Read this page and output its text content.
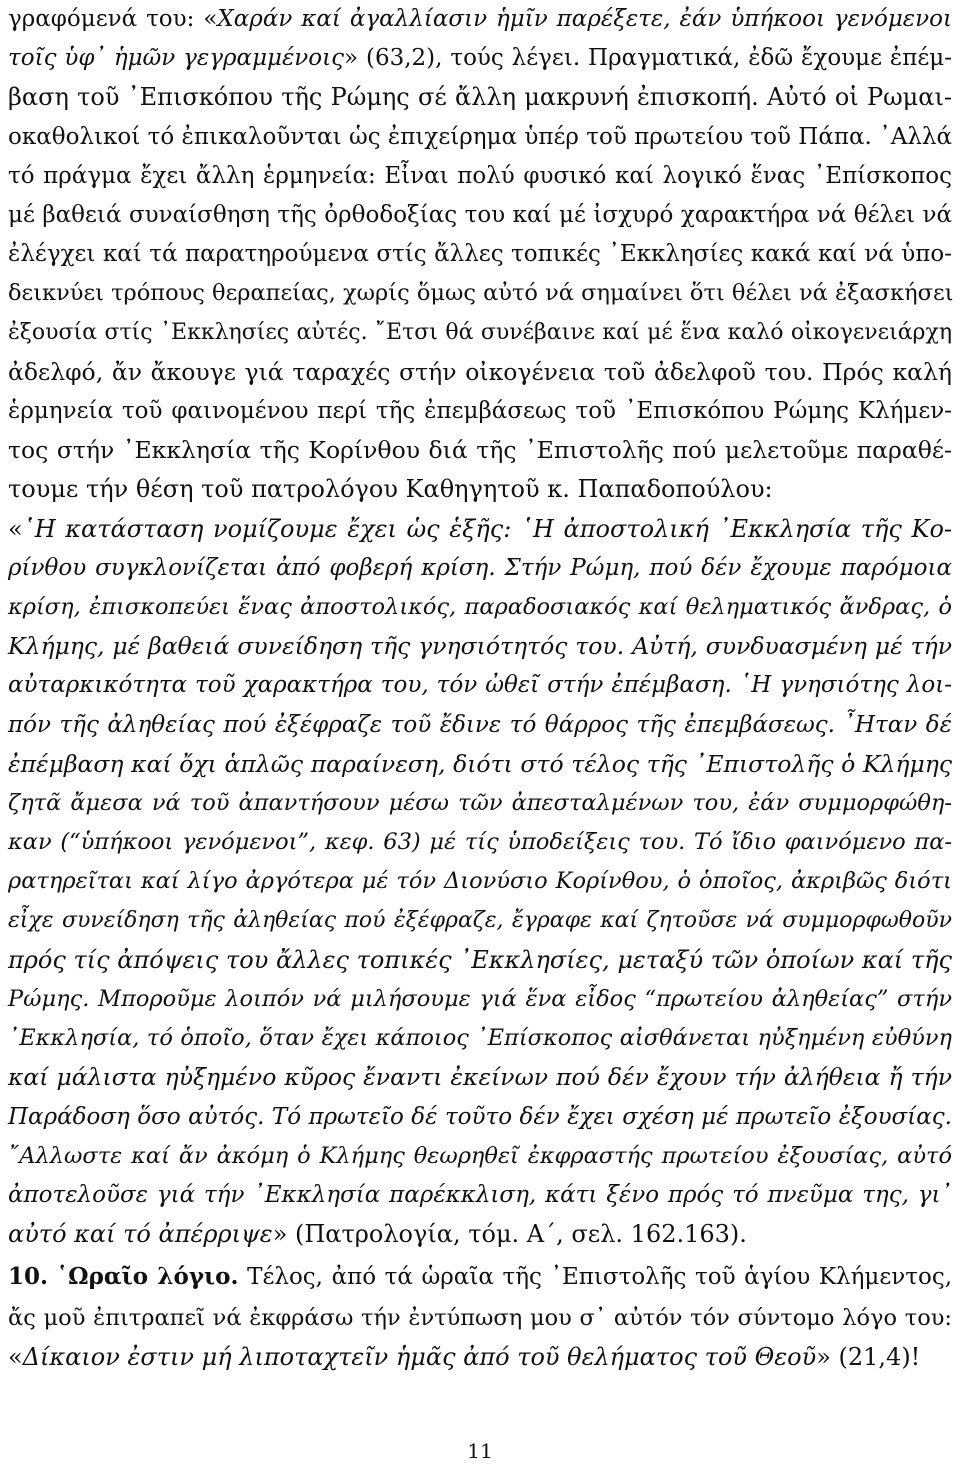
γραφόμενά του: «Χαράν καί ἀγαλλίασιν ἡμῖν παρέξετε, ἐάν ὑπήκοοι γενόμενοι
τοῖς ὑφ᾽ ἡμῶν γεγραμμένοις» (63,2), τούς λέγει. Πραγματικά, ἐδῶ ἔχουμε ἐπέμ-
βαση τοῦ ᾽Επισκόπου τῆς Ρώμης σέ ἄλλη μακρυνή ἐπισκοπή. Αὐτό οἱ Ρωμαι-
οκαθολικοί τό ἐπικαλοῦνται ὡς ἐπιχείρημα ὑπέρ τοῦ πρωτείου τοῦ Πάπα. ᾽Αλλά
τό πράγμα ἔχει ἄλλη ἑρμηνεία: Εἶναι πολύ φυσικό καί λογικό ἕνας ᾽Επίσκοπος
μέ βαθειά συναίσθηση τῆς ὀρθοδοξίας του καί μέ ἰσχυρό χαρακτήρα νά θέλει νά
ἐλέγχει καί τά παρατηρούμενα στίς ἄλλες τοπικές ᾽Εκκλησίες κακά καί νά ὑπο-
δεικνύει τρόπους θεραπείας, χωρίς ὅμως αὐτό νά σημαίνει ὅτι θέλει νά ἐξασκήσει
ἐξουσία στίς ᾽Εκκλησίες αὐτές. ῎Ετσι θά συνέβαινε καί μέ ἕνα καλό οἰκογενειάρχη
ἀδελφό, ἄν ἄκουγε γιά ταραχές στήν οἰκογένεια τοῦ ἀδελφοῦ του. Πρός καλή
ἑρμηνεία τοῦ φαινομένου περί τῆς ἐπεμβάσεως τοῦ ᾽Επισκόπου Ρώμης Κλήμεν-
τος στήν ᾽Εκκλησία τῆς Κορίνθου διά τῆς ᾽Επιστολῆς πού μελετοῦμε παραθέ-
τουμε τήν θέση τοῦ πατρολόγου Καθηγητοῦ κ. Παπαδοπούλου:
«῾Η κατάσταση νομίζουμε ἔχει ὡς ἑξῆς: ῾Η ἀποστολική ᾽Εκκλησία τῆς Κο-
ρίνθου συγκλονίζεται ἀπό φοβερή κρίση. Στήν Ρώμη, πού δέν ἔχουμε παρόμοια
κρίση, ἐπισκοπεύει ἕνας ἀποστολικός, παραδοσιακός καί θεληματικός ἄνδρας, ὁ
Κλήμης, μέ βαθειά συνείδηση τῆς γνησιότητός του. Αὐτή, συνδυασμένη μέ τήν
αὐταρκικότητα τοῦ χαρακτήρα του, τόν ὠθεῖ στήν ἐπέμβαση. ῾Η γνησιότης λοι-
πόν τῆς ἀληθείας πού ἐξέφραζε τοῦ ἔδινε τό θάρρος τῆς ἐπεμβάσεως. ῏Ηταν δέ
ἐπέμβαση καί ὄχι ἁπλῶς παραίνεση, διότι στό τέλος τῆς ᾽Επιστολῆς ὁ Κλήμης
ζητᾶ ἄμεσα νά τοῦ ἀπαντήσουν μέσω τῶν ἀπεσταλμένων του, ἐάν συμμορφώθη-
καν (“ὑπήκοοι γενόμενοι”, κεφ. 63) μέ τίς ὑποδείξεις του. Τό ἴδιο φαινόμενο πα-
ρατηρεῖται καί λίγο ἀργότερα μέ τόν Διονύσιο Κορίνθου, ὁ ὁποῖος, ἀκριβῶς διότι
εἶχε συνείδηση τῆς ἀληθείας πού ἐξέφραζε, ἔγραφε καί ζητοῦσε νά συμμορφωθοῦν
πρός τίς ἀπόψεις του ἄλλες τοπικές ᾽Εκκλησίες, μεταξύ τῶν ὁποίων καί τῆς
Ρώμης. Μποροῦμε λοιπόν νά μιλήσουμε γιά ἕνα εἶδος “πρωτείου ἀληθείας” στήν
᾽Εκκλησία, τό ὁποῖο, ὅταν ἔχει κάποιος ᾽Επίσκοπος αἰσθάνεται ηὐξημένη εὐθύνη
καί μάλιστα ηὐξημένο κῦρος ἔναντι ἐκείνων πού δέν ἔχουν τήν ἀλήθεια ἤ τήν
Παράδοση ὅσο αὐτός. Τό πρωτεῖο δέ τοῦτο δέν ἔχει σχέση μέ πρωτεῖο ἐξουσίας.
῎Αλλωστε καί ἄν ἀκόμη ὁ Κλήμης θεωρηθεῖ ἐκφραστής πρωτείου ἐξουσίας, αὐτό
ἀποτελοῦσε γιά τήν ᾽Εκκλησία παρέκκλιση, κάτι ξένο πρός τό πνεῦμα της, γι᾽
αὐτό καί τό ἀπέρριψε» (Πατρολογία, τόμ. Α΄, σελ. 162.163).
10. ῾Ωραῖο λόγιο. Τέλος, ἀπό τά ὡραῖα τῆς ᾽Επιστολῆς τοῦ ἁγίου Κλήμεντος,
ἄς μοῦ ἐπιτραπεῖ νά ἐκφράσω τήν ἐντύπωση μου σ᾽ αὐτόν τόν σύντομο λόγο του:
«Δίκαιον ἐστιν μή λιποταχτεῖν ἡμᾶς ἀπό τοῦ θελήματος τοῦ Θεοῦ» (21,4)!
11
